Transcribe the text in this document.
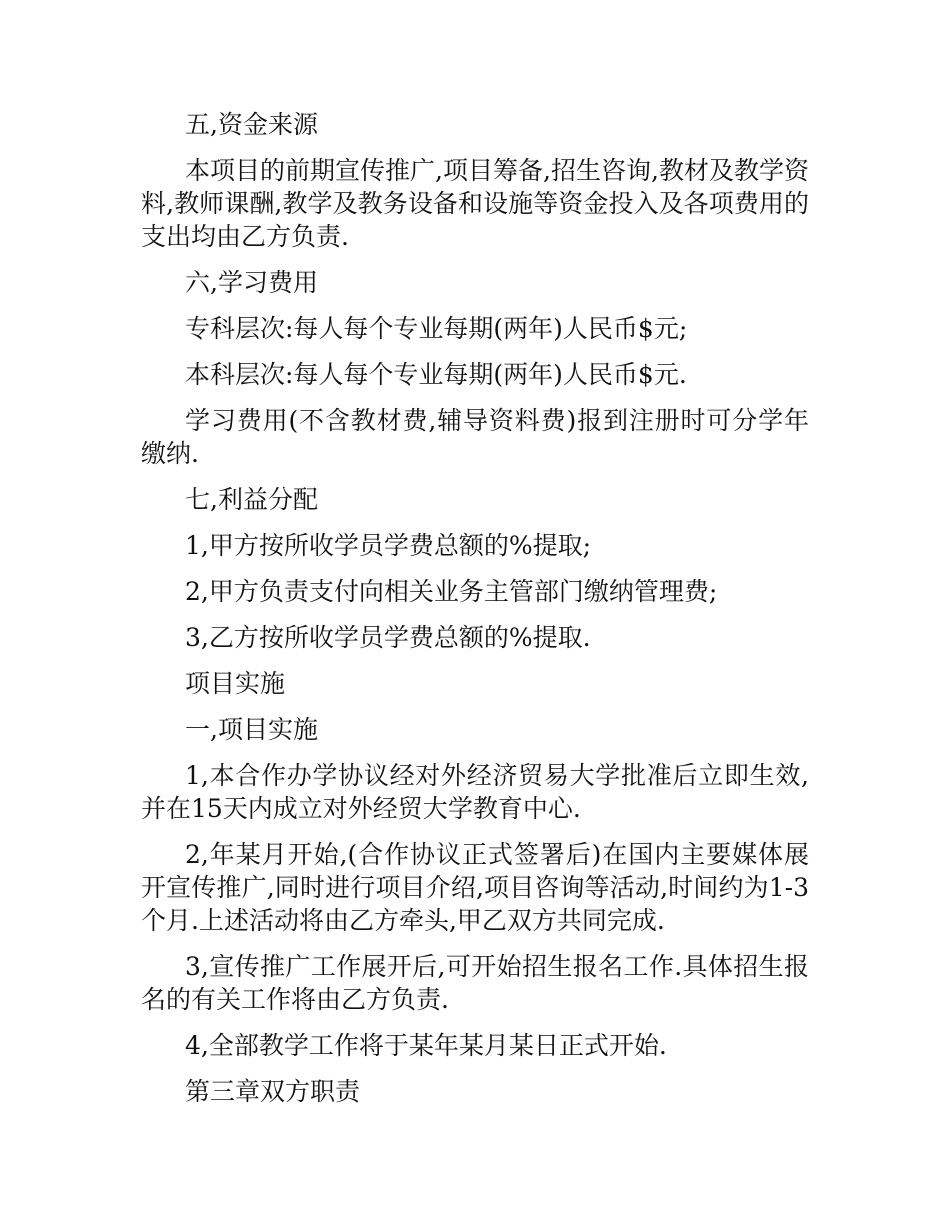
五,资金来源

本项目的前期宣传推广,项目筹备,招生咨询,教材及教学资料,教师课酬,教学及教务设备和设施等资金投入及各项费用的支出均由乙方负责.

六,学习费用

专科层次:每人每个专业每期(两年)人民币$元;

本科层次:每人每个专业每期(两年)人民币$元.

学习费用(不含教材费,辅导资料费)报到注册时可分学年缴纳.

七,利益分配

1,甲方按所收学员学费总额的%提取;

2,甲方负责支付向相关业务主管部门缴纳管理费;

3,乙方按所收学员学费总额的%提取.

项目实施

一,项目实施

1,本合作办学协议经对外经济贸易大学批准后立即生效,并在15天内成立对外经贸大学教育中心.

2,年某月开始,(合作协议正式签署后)在国内主要媒体展开宣传推广,同时进行项目介绍,项目咨询等活动,时间约为1-3个月.上述活动将由乙方牵头,甲乙双方共同完成.

3,宣传推广工作展开后,可开始招生报名工作.具体招生报名的有关工作将由乙方负责.

4,全部教学工作将于某年某月某日正式开始.

第三章双方职责
